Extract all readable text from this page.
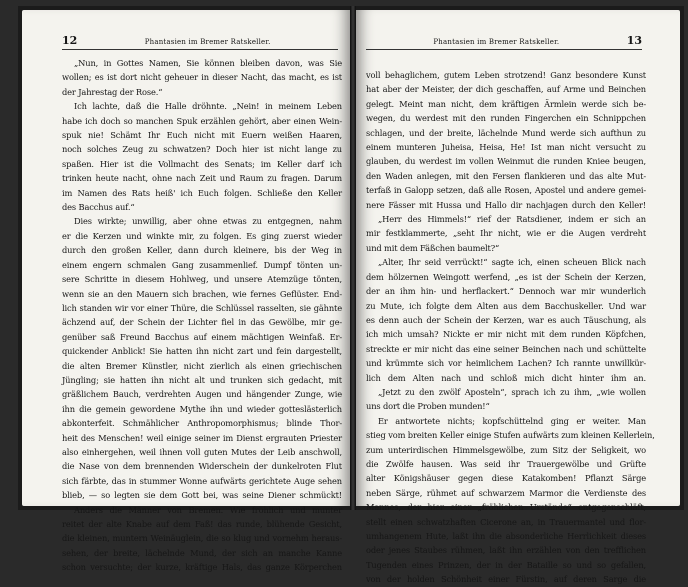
12	Phantasien im Bremer Ratskeller.
„Nun, in Gottes Namen, Sie können bleiben davon, was Sie
wollen; es ist dort nicht geheuer in dieser Nacht, das macht, es ist
der Jahrestag der Rose.“
Ich lachte, daß die Halle dröhnte. „Nein! in meinem Leben
habe ich doch so manchen Spuk erzählen gehört, aber einen Wein-
spuk nie! Schämt Ihr Euch nicht mit Euern weißen Haaren,
noch solches Zeug zu schwatzen? Doch hier ist nicht lange zu
spaßen. Hier ist die Vollmacht des Senats; im Keller darf ich
trinken heute nacht, ohne nach Zeit und Raum zu fragen. Darum
im Namen des Rats heiß' ich Euch folgen. Schließe den Keller
des Bacchus auf.“
Dies wirkte; unwillig, aber ohne etwas zu entgegnen, nahm
er die Kerzen und winkte mir, zu folgen. Es ging zuerst wieder
durch den großen Keller, dann durch kleinere, bis der Weg in
einem engern schmalen Gang zusammenlief. Dumpf tönten un-
sere Schritte in diesem Hohlweg, und unsere Atemzüge tönten,
wenn sie an den Mauern sich brachen, wie fernes Geflüster. End-
lich standen wir vor einer Thüre, die Schlüssel rasselten, sie gähnte
ächzend auf, der Schein der Lichter fiel in das Gewölbe, mir ge-
genüber saß Freund Bacchus auf einem mächtigen Weinfaß. Er-
quickender Anblick! Sie hatten ihn nicht zart und fein dargestellt,
die alten Bremer Künstler, nicht zierlich als einen griechischen
Jüngling; sie hatten ihn nicht alt und trunken sich gedacht, mit
gräßlichem Bauch, verdrehten Augen und hängender Zunge, wie
ihn die gemein gewordene Mythe ihn und wieder gotteslästerlich
abkonterfeit. Schmählicher Anthropomorphismus; blinde Thor-
heit des Menschen! weil einige seiner im Dienst ergrauten Priester
also einhergehen, weil ihnen voll guten Mutes der Leib anschwoll,
die Nase von dem brennenden Widerschein der dunkelroten Flut
sich färbte, das in stummer Wonne aufwärts gerichtete Auge sehen
blieb, — so legten sie dem Gott bei, was seine Diener schmückt!
Anders die Männer von Bremen. Wie fröhlich und munter
reitet der alte Knabe auf dem Faß! das runde, blühende Gesicht,
die kleinen, muntern Weinäuglein, die so klug und vornehm heraus-
sehen, der breite, lächelnde Mund, der sich an manche Kanne
schon versuchte; der kurze, kräftige Hals, das ganze Körperchen
Phantasien im Bremer Ratskeller.	13
voll behaglichem, gutem Leben strotzend! Ganz besondere Kunst
hat aber der Meister, der dich geschaffen, auf Arme und Beinchen
gelegt. Meint man nicht, dem kräftigen Ärmlein werde sich be-
wegen, du werdest mit den runden Fingerchen ein Schnippchen
schlagen, und der breite, lächelnde Mund werde sich aufthun zu
einem munteren Juheisa, Heisa, He! Ist man nicht versucht zu
glauben, du werdest im vollen Weinmut die runden Kniee beugen,
den Waden anlegen, mit den Fersen flankieren und das alte Mut-
terfaß in Galopp setzen, daß alle Rosen, Apostel und andere gemei-
nere Fässer mit Hussa und Hallo dir nachjagen durch den Keller!
„Herr des Himmels!“ rief der Ratsdiener, indem er sich an
mir festklammerte, „seht Ihr nicht, wie er die Augen verdreht
und mit dem Fäßchen baumelt?“
„Alter, Ihr seid verrückt!“ sagte ich, einen scheuen Blick nach
dem hölzernen Weingott werfend, „es ist der Schein der Kerzen,
der an ihm hin- und herflackert.“ Dennoch war mir wunderlich
zu Mute, ich folgte dem Alten aus dem Bacchuskeller. Und war
es denn auch der Schein der Kerzen, war es auch Täuschung, als
ich mich umsah? Nickte er mir nicht mit dem runden Köpfchen,
streckte er mir nicht das eine seiner Beinchen nach und schüttelte
und krümmte sich vor heimlichem Lachen? Ich rannte unwillkür-
lich dem Alten nach und schloß mich dicht hinter ihm an.
„Jetzt zu den zwölf Aposteln“, sprach ich zu ihm, „wie wollen
uns dort die Proben munden!“
Er antwortete nichts; kopfschüttelnd ging er weiter. Man
stieg vom breiten Keller einige Stufen aufwärts zum kleinen Kellerlein,
zum unterirdischen Himmelsgewölbe, zum Sitz der Seligkeit, wo
die Zwölfe hausen. Was seid ihr Trauergewölbe und Grüfte
alter Königshäuser gegen diese Katakomben! Pflanzt Särge
neben Särge, rühmet auf schwarzem Marmor die Verdienste des
Mannes, der hier einer „fröhlichen Urstände“ entgegenschläft,
stellt einen schwatzhaften Cicerone an, in Trauermantel und flor-
umhangenem Hute, laßt ihn die absonderliche Herrlichkeit dieses
oder jenes Staubes rühmen, laßt ihn erzählen von den trefflichen
Tugenden eines Prinzen, der in der Bataille so und so gefallen,
von der holden Schönheit einer Fürstin, auf deren Sarge die
